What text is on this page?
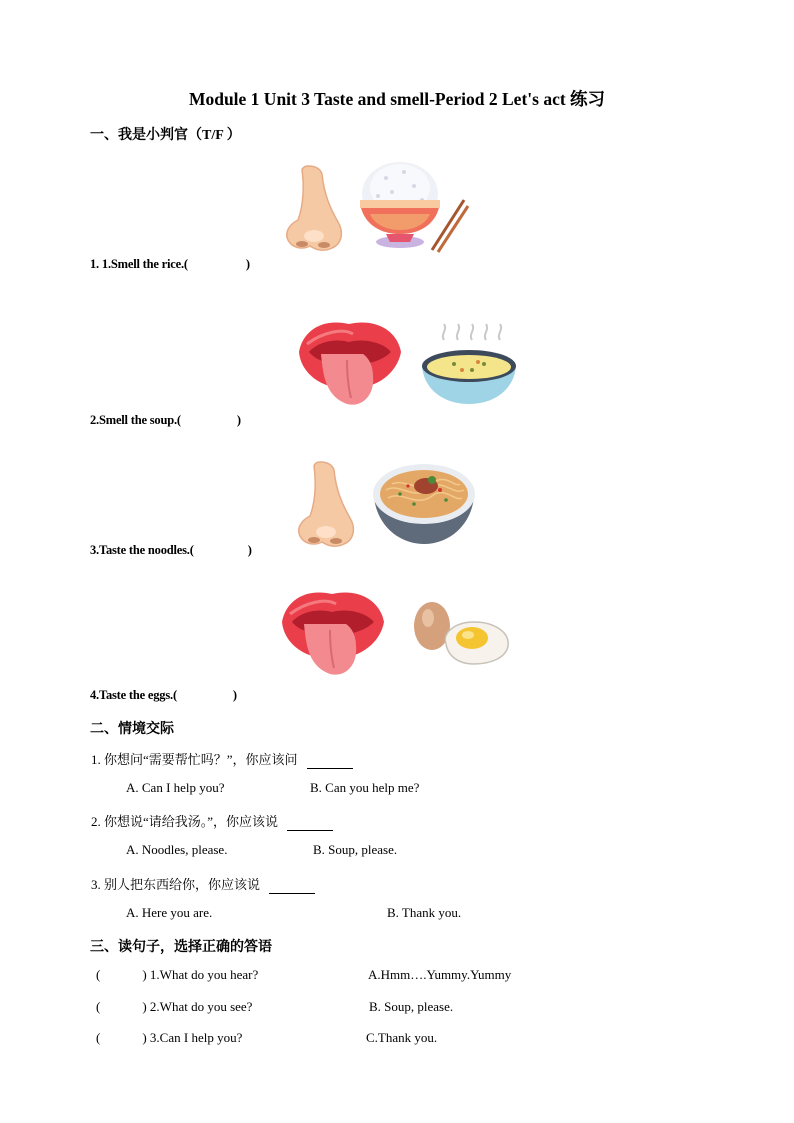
Module 1 Unit 3 Taste and smell-Period 2 Let's act 练习
一、我是小判官（T/F ）
1. 1.Smell the rice.(	)
2.Smell the soup.(	)
3.Taste the noodles.(	)
4.Taste the eggs.(	)
二、情境交际
1. 你想问“需要帮忙吗？”，你应该问
A. Can I help you?	B. Can you help me?
2. 你想说“请给我汤。”，你应该说
A. Noodles, please.	B. Soup, please.
3. 别人把东西给你，你应该说
A. Here you are.	B. Thank you.
三、读句子，选择正确的答语
(	) 1.What do you hear?	A.Hmm….Yummy.Yummy
(	) 2.What do you see?	B. Soup, please.
(	) 3.Can I help you?	C.Thank you.
